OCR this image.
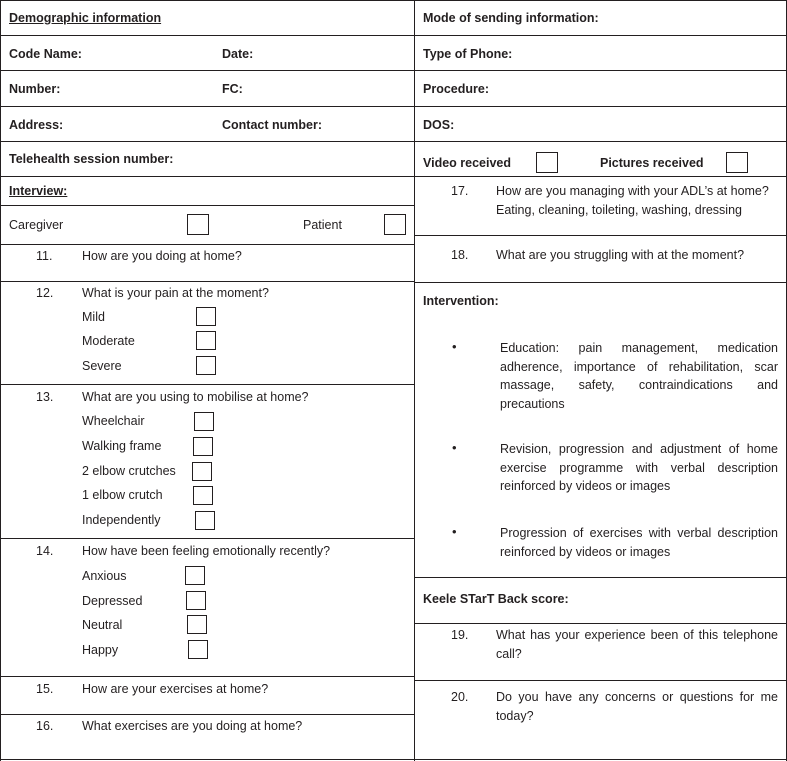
Demographic information
Code Name:	Date:
Number:	FC:
Address:	Contact number:
Telehealth session number:
Interview:
Caregiver	Patient
11. How are you doing at home?
12. What is your pain at the moment?
Mild
Moderate
Severe
13. What are you using to mobilise at home?
Wheelchair
Walking frame
2 elbow crutches
1 elbow crutch
Independently
14. How have been feeling emotionally recently?
Anxious
Depressed
Neutral
Happy
15. How are your exercises at home?
16. What exercises are you doing at home?
Mode of sending information:
Type of Phone:
Procedure:
DOS:
Video received	Pictures received
17. How are you managing with your ADL’s at home?
Eating, cleaning, toileting, washing, dressing
18. What are you struggling with at the moment?
Intervention:
•	Education: pain management, medication adherence, importance of rehabilitation, scar massage, safety, contraindications and precautions
•	Revision, progression and adjustment of home exercise programme with verbal description reinforced by videos or images
•	Progression of exercises with verbal description reinforced by videos or images
Keele STarT Back score:
19. What has your experience been of this telephone call?
20. Do you have any concerns or questions for me today?
